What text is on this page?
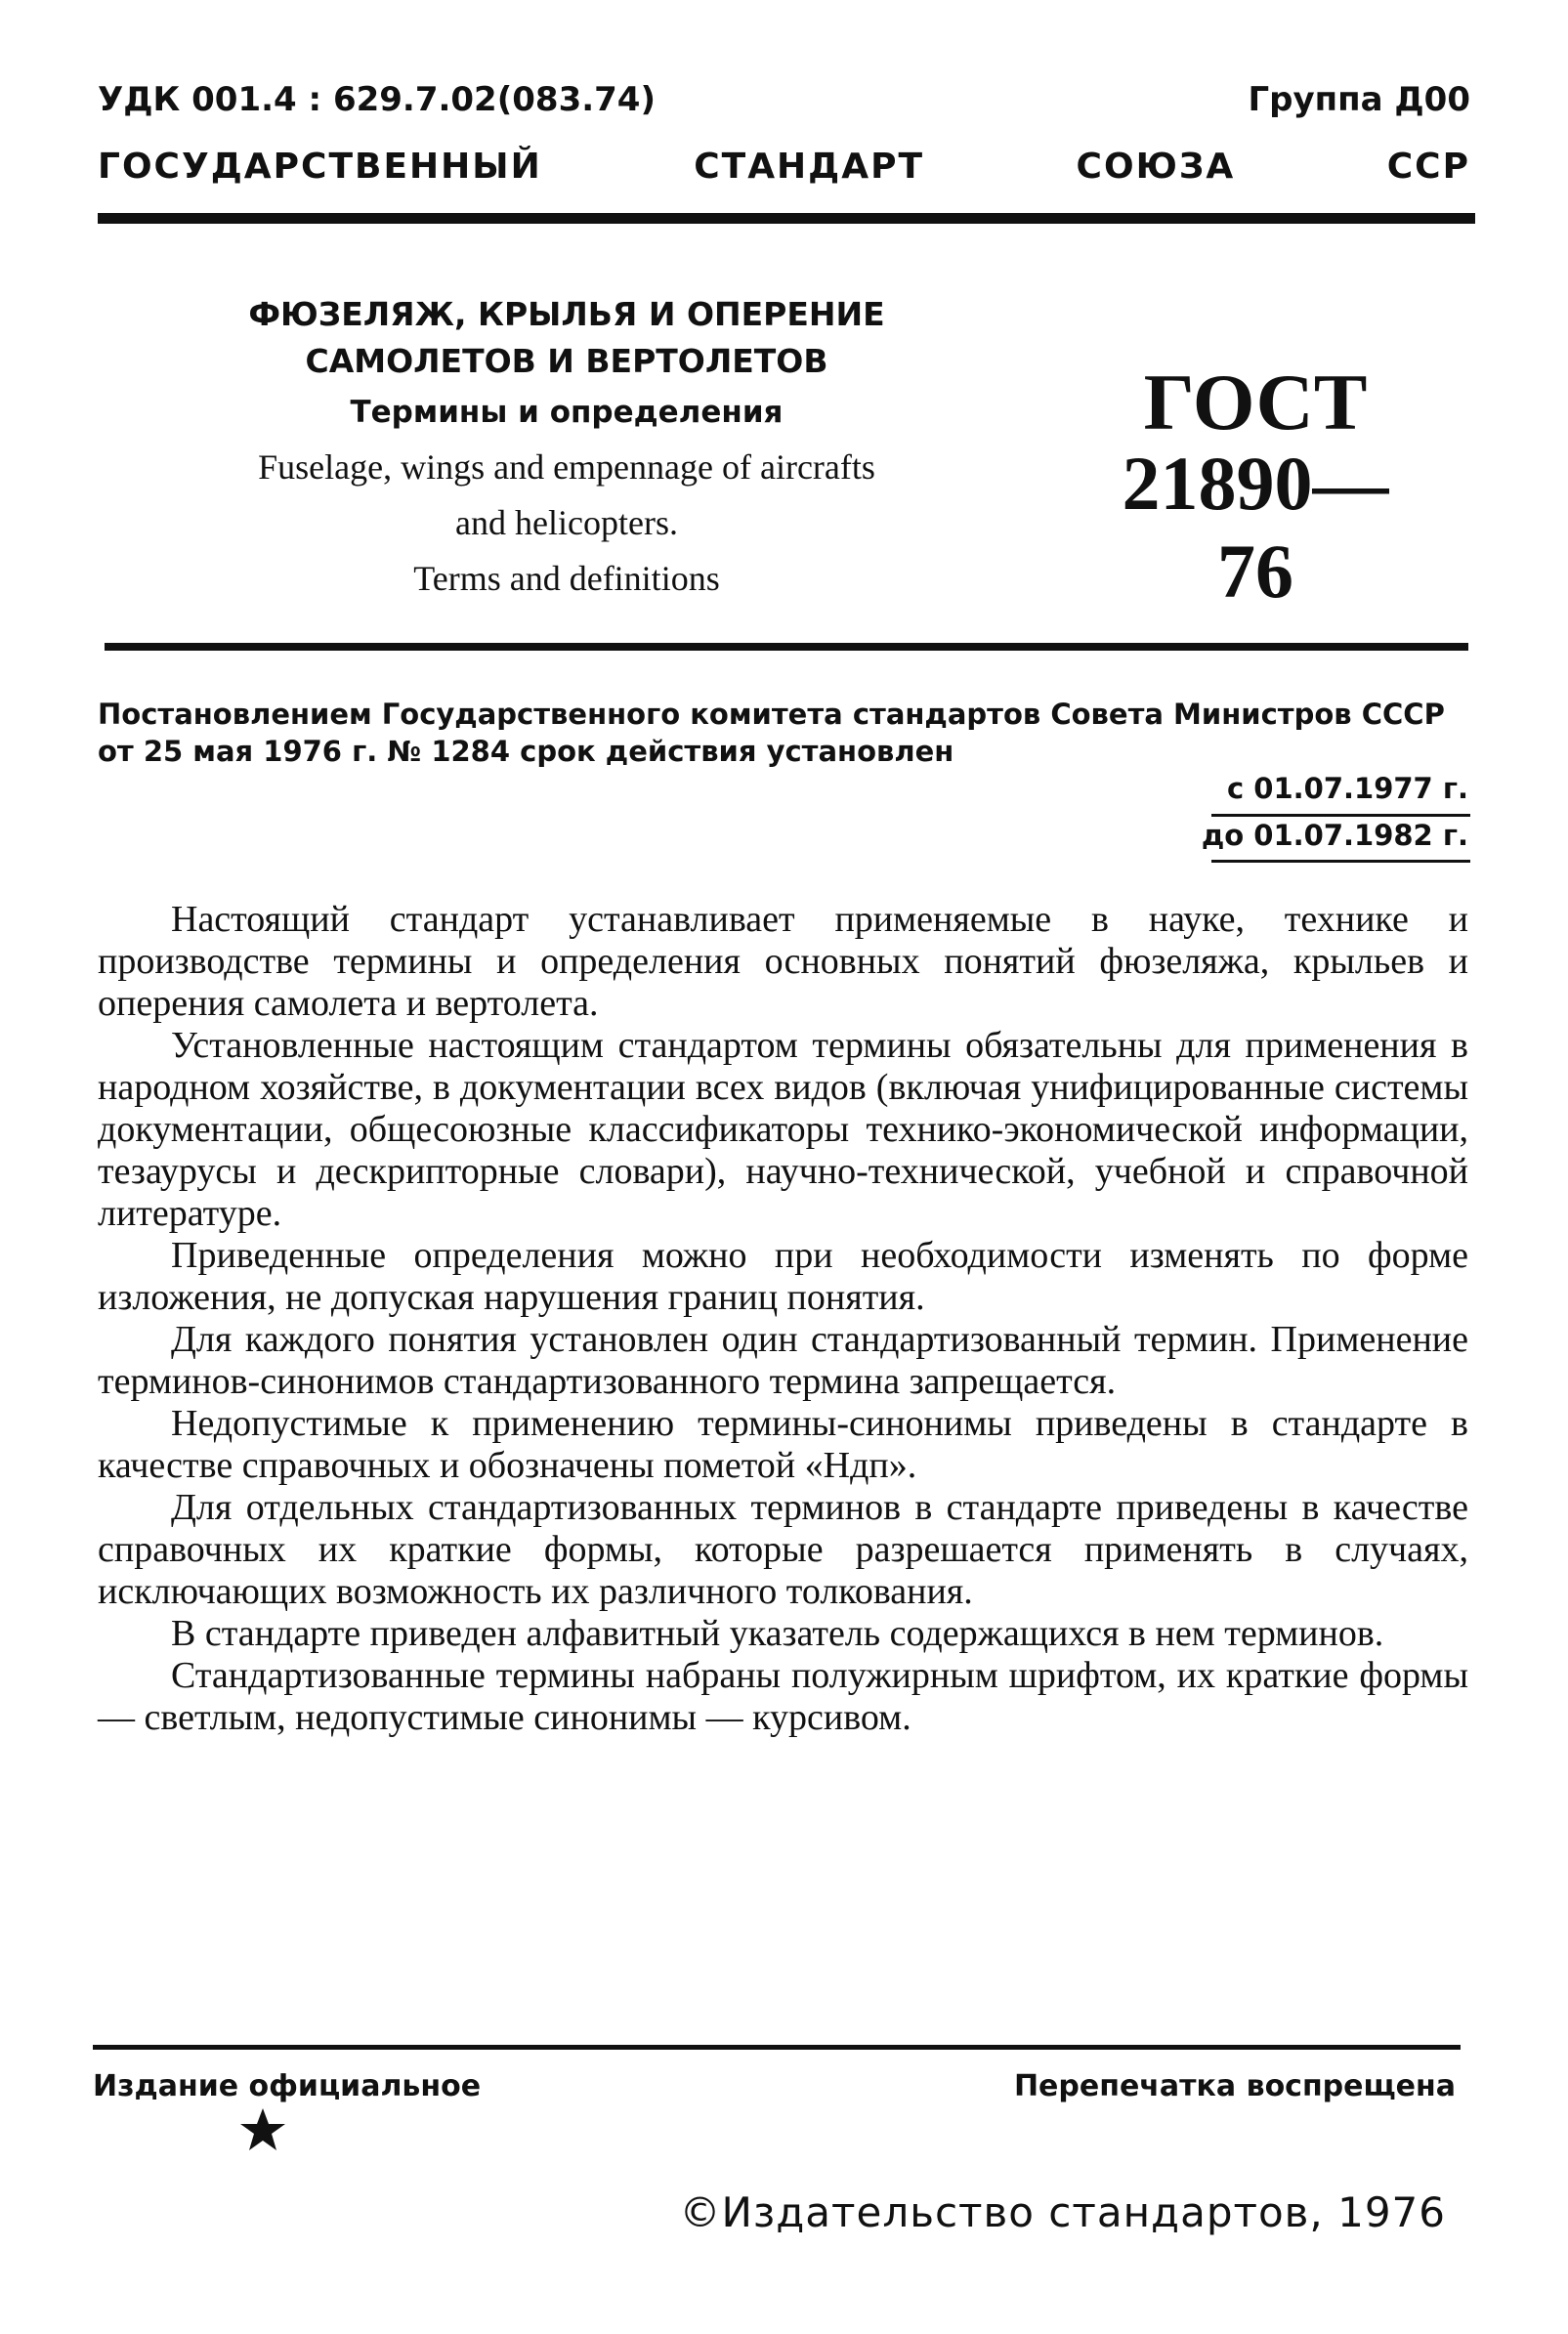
УДК 001.4 : 629.7.02(083.74)	Группа Д00
ГОСУДАРСТВЕННЫЙ	СТАНДАРТ	СОЮЗА	ССР
ФЮЗЕЛЯЖ, КРЫЛЬЯ И ОПЕРЕНИЕ
САМОЛЕТОВ И ВЕРТОЛЕТОВ
Термины и определения
Fuselage, wings and empennage of aircrafts
and helicopters.
Terms and definitions
ГОСТ
21890—76
Постановлением Государственного комитета стандартов Совета Министров СССР
от 25 мая 1976 г. № 1284 срок действия установлен
с 01.07.1977 г.
до 01.07.1982 г.

Настоящий стандарт устанавливает применяемые в науке, технике и производстве термины и определения основных понятий фюзеляжа, крыльев и оперения самолета и вертолета.

Установленные настоящим стандартом термины обязательны для применения в народном хозяйстве, в документации всех видов (включая унифицированные системы документации, общесоюзные классификаторы технико-экономической информации, тезаурусы и дескрипторные словари), научно-технической, учебной и справочной литературе.

Приведенные определения можно при необходимости изменять по форме изложения, не допуская нарушения границ понятия.

Для каждого понятия установлен один стандартизованный термин. Применение терминов-синонимов стандартизованного термина запрещается.

Недопустимые к применению термины-синонимы приведены в стандарте в качестве справочных и обозначены пометой «Ндп».

Для отдельных стандартизованных терминов в стандарте приведены в качестве справочных их краткие формы, которые разрешается применять в случаях, исключающих возможность их различного толкования.

В стандарте приведен алфавитный указатель содержащихся в нем терминов.

Стандартизованные термины набраны полужирным шрифтом, их краткие формы — светлым, недопустимые синонимы — курсивом.

Издание официальное	Перепечатка воспрещена
©Издательство стандартов, 1976
